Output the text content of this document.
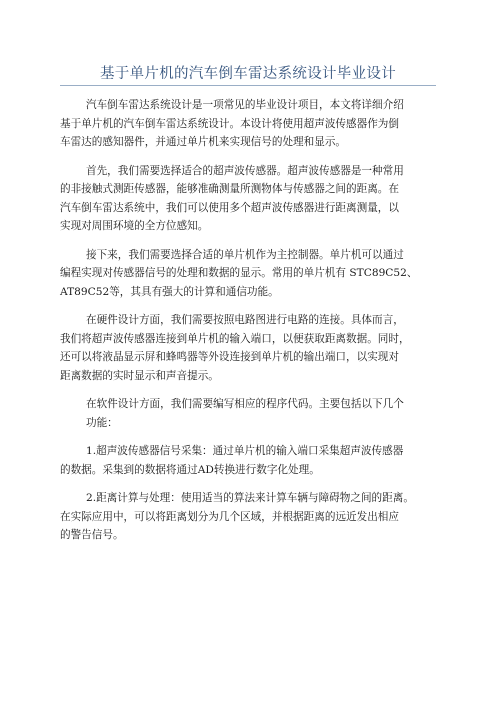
基于单片机的汽车倒车雷达系统设计毕业设计

汽车倒车雷达系统设计是一项常见的毕业设计项目，本文将详细介绍
基于单片机的汽车倒车雷达系统设计。本设计将使用超声波传感器作为倒
车雷达的感知器件，并通过单片机来实现信号的处理和显示。

首先，我们需要选择适合的超声波传感器。超声波传感器是一种常用
的非接触式测距传感器，能够准确测量所测物体与传感器之间的距离。在
汽车倒车雷达系统中，我们可以使用多个超声波传感器进行距离测量，以
实现对周围环境的全方位感知。

接下来，我们需要选择合适的单片机作为主控制器。单片机可以通过
编程实现对传感器信号的处理和数据的显示。常用的单片机有 STC89C52、
AT89C52等，其具有强大的计算和通信功能。

在硬件设计方面，我们需要按照电路图进行电路的连接。具体而言，
我们将超声波传感器连接到单片机的输入端口，以便获取距离数据。同时，
还可以将液晶显示屏和蜂鸣器等外设连接到单片机的输出端口，以实现对
距离数据的实时显示和声音提示。

在软件设计方面，我们需要编写相应的程序代码。主要包括以下几个
功能：

1.超声波传感器信号采集：通过单片机的输入端口采集超声波传感器
的数据。采集到的数据将通过AD转换进行数字化处理。

2.距离计算与处理：使用适当的算法来计算车辆与障碍物之间的距离。
在实际应用中，可以将距离划分为几个区域，并根据距离的远近发出相应
的警告信号。
